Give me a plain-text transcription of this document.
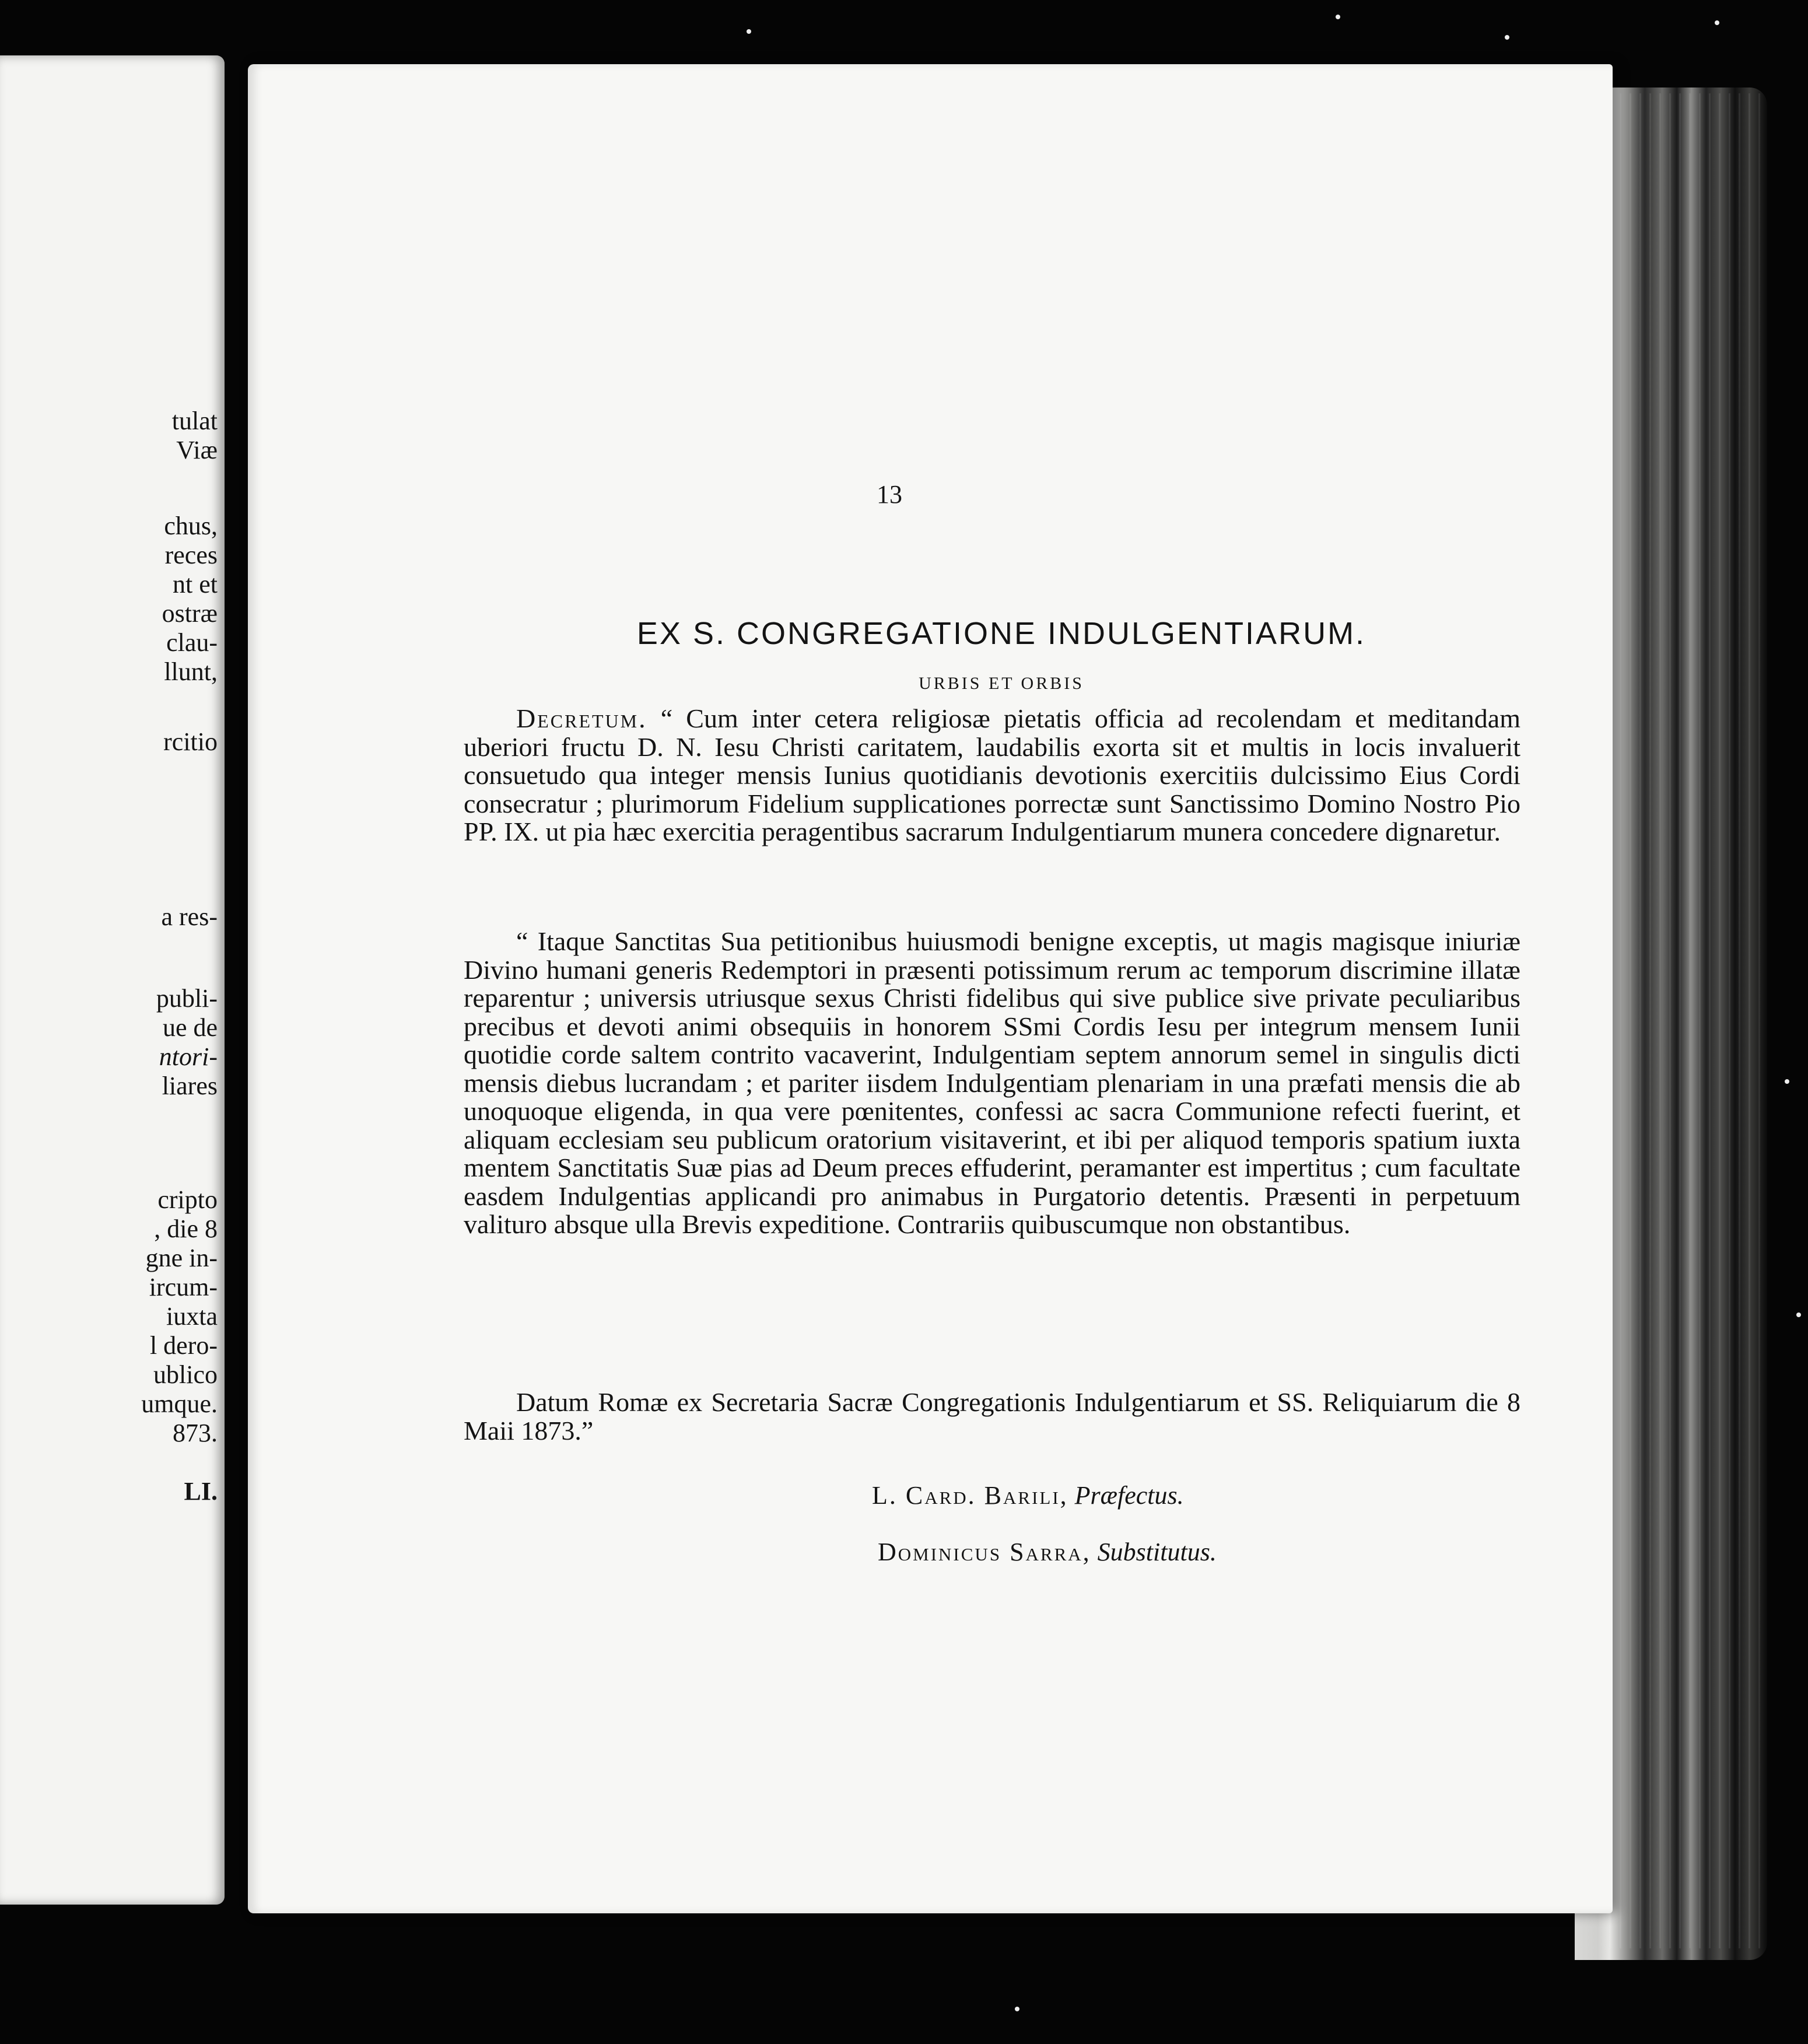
tulat
Viæ
chus,
reces
nt et
ostræ
clau-
llunt,
rcitio
a res-
publi-
ue de
ntori-
liares
cripto
, die 8
gne in-
ircum-
iuxta
l dero-
ublico
umque.
873.
LI.
13
EX S. CONGREGATIONE INDULGENTIARUM.
URBIS ET ORBIS

Decretum. “ Cum inter cetera religiosæ pietatis officia ad recolendam et meditandam uberiori fructu D. N. Iesu Christi caritatem, laudabilis exorta sit et multis in locis invaluerit consuetudo qua integer mensis Iunius quotidianis devotionis exercitiis dulcissimo Eius Cordi consecratur ; plurimorum Fidelium supplicationes porrectæ sunt Sanctissimo Domino Nostro Pio PP. IX. ut pia hæc exercitia peragentibus sacrarum Indulgentiarum munera concedere dignaretur.

“ Itaque Sanctitas Sua petitionibus huiusmodi benigne exceptis, ut magis magisque iniuriæ Divino humani generis Redemptori in præsenti potissimum rerum ac temporum discrimine illatæ reparentur ; universis utriusque sexus Christi fidelibus qui sive publice sive private peculiaribus precibus et devoti animi obsequiis in honorem SSmi Cordis Iesu per integrum mensem Iunii quotidie corde saltem contrito vacaverint, Indulgentiam septem annorum semel in singulis dicti mensis diebus lucrandam ; et pariter iisdem Indulgentiam plenariam in una præfati mensis die ab unoquoque eligenda, in qua vere pœnitentes, confessi ac sacra Communione refecti fuerint, et aliquam ecclesiam seu publicum oratorium visitaverint, et ibi per aliquod temporis spatium iuxta mentem Sanctitatis Suæ pias ad Deum preces effuderint, peramanter est impertitus ; cum facultate easdem Indulgentias applicandi pro animabus in Purgatorio detentis. Præsenti in perpetuum valituro absque ulla Brevis expeditione. Contrariis quibuscumque non obstantibus.

Datum Romæ ex Secretaria Sacræ Congregationis Indulgentiarum et SS. Reliquiarum die 8 Maii 1873.”

L. Card. Barili, Præfectus.
Dominicus Sarra, Substitutus.
